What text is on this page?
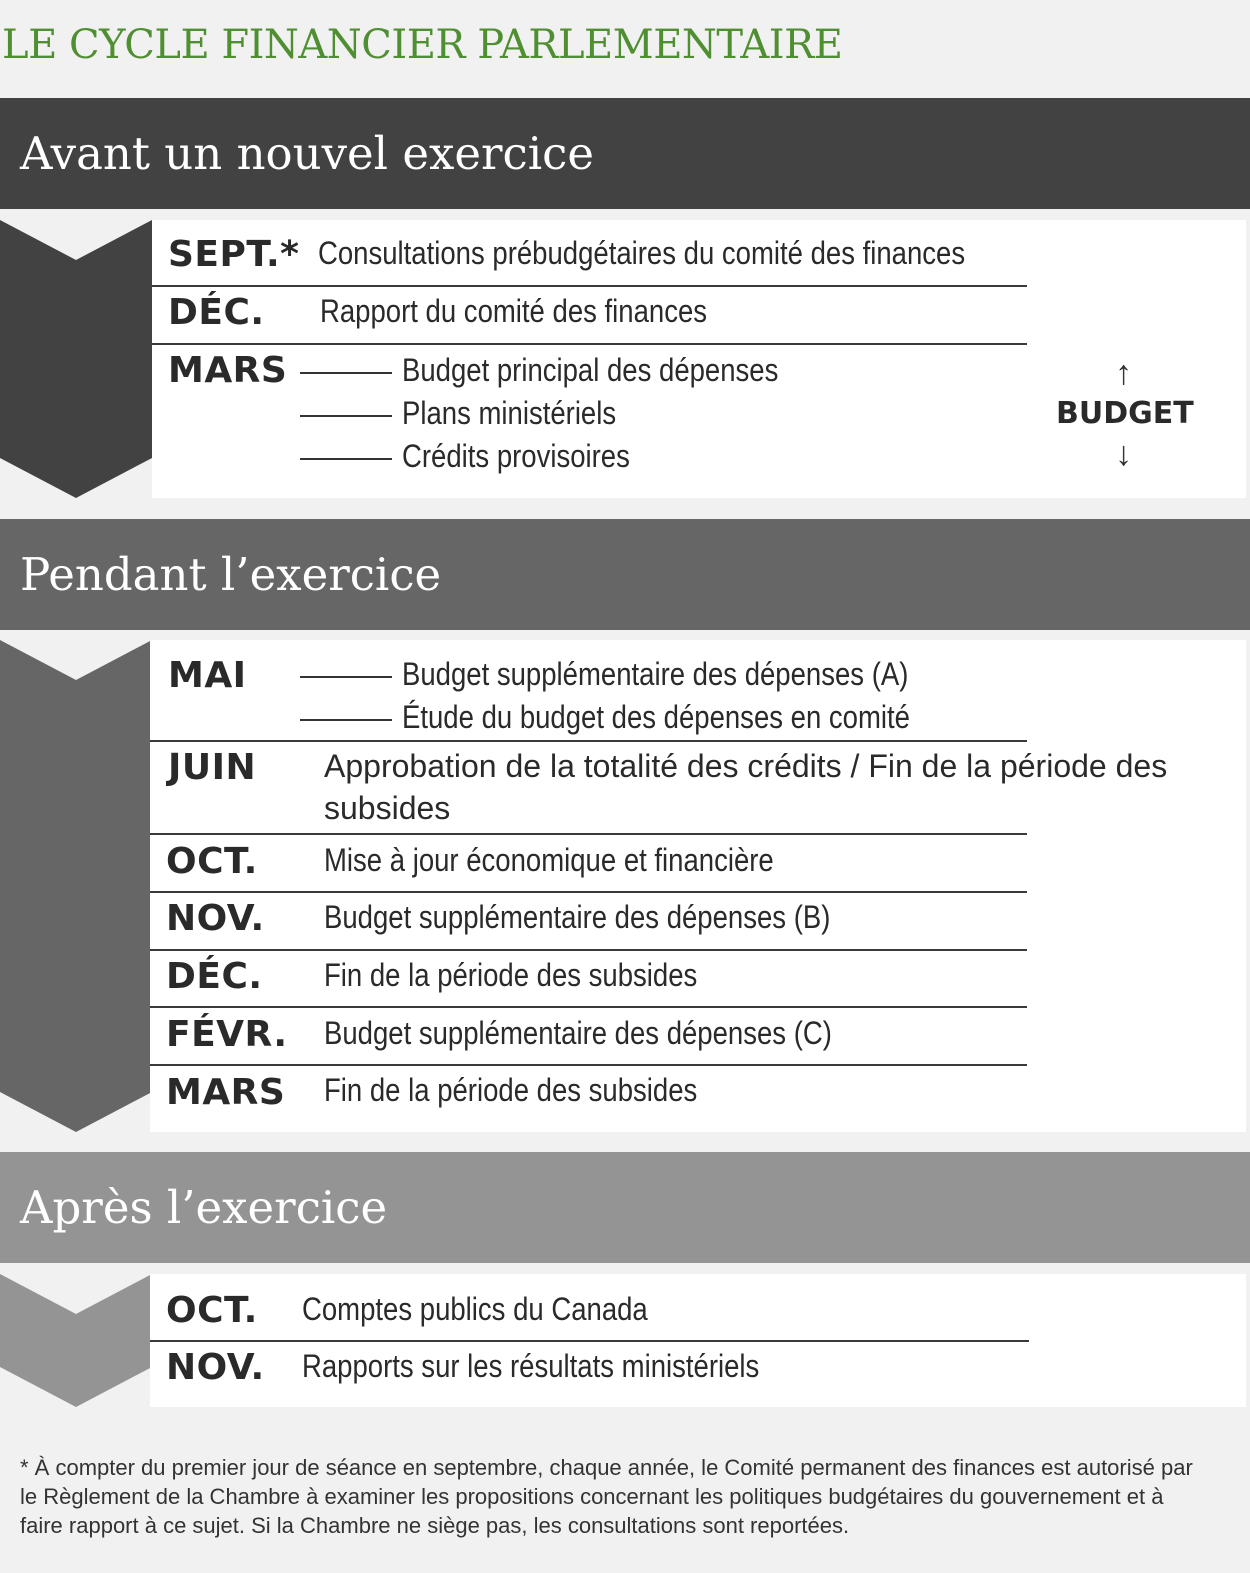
LE CYCLE FINANCIER PARLEMENTAIRE
Avant un nouvel exercice
SEPT.* Consultations prébudgétaires du comité des finances
DÉC. Rapport du comité des finances
MARS	Budget principal des dépenses
Plans ministériels
Crédits provisoires
↑
BUDGET
↓
Pendant l’exercice
MAI	Budget supplémentaire des dépenses (A)
Étude du budget des dépenses en comité
JUIN Approbation de la totalité des crédits / Fin de la période des subsides
OCT. Mise à jour économique et financière
NOV. Budget supplémentaire des dépenses (B)
DÉC. Fin de la période des subsides
FÉVR. Budget supplémentaire des dépenses (C)
MARS Fin de la période des subsides
Après l’exercice
OCT. Comptes publics du Canada
NOV. Rapports sur les résultats ministériels
* À compter du premier jour de séance en septembre, chaque année, le Comité permanent des finances est autorisé par le Règlement de la Chambre à examiner les propositions concernant les politiques budgétaires du gouvernement et à faire rapport à ce sujet. Si la Chambre ne siège pas, les consultations sont reportées.
